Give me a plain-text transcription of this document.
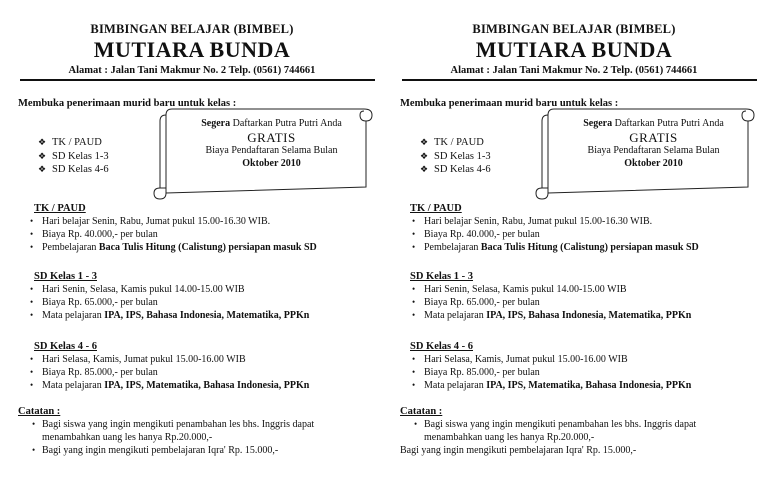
BIMBINGAN BELAJAR (BIMBEL)
MUTIARA BUNDA
Alamat : Jalan Tani Makmur No. 2 Telp. (0561) 744661
Membuka penerimaan murid baru untuk kelas :
Segera Daftarkan Putra Putri Anda
GRATIS
Biaya Pendaftaran Selama Bulan
Oktober 2010
❖ TK / PAUD
❖ SD Kelas 1-3
❖ SD Kelas 4-6
TK / PAUD
• Hari belajar Senin, Rabu, Jumat pukul 15.00-16.30 WIB.
• Biaya Rp. 40.000,- per bulan
• Pembelajaran Baca Tulis Hitung (Calistung) persiapan masuk SD
SD Kelas 1 - 3
• Hari Senin, Selasa, Kamis pukul 14.00-15.00 WIB
• Biaya Rp. 65.000,- per bulan
• Mata pelajaran IPA, IPS, Bahasa Indonesia, Matematika, PPKn
SD Kelas 4 - 6
• Hari Selasa, Kamis, Jumat pukul 15.00-16.00 WIB
• Biaya Rp. 85.000,- per bulan
• Mata pelajaran IPA, IPS, Matematika, Bahasa Indonesia, PPKn
Catatan :
• Bagi siswa yang ingin mengikuti penambahan les bhs. Inggris dapat
menambahkan uang les hanya Rp.20.000,-
• Bagi yang ingin mengikuti pembelajaran Iqra' Rp. 15.000,-
BIMBINGAN BELAJAR (BIMBEL)
MUTIARA BUNDA
Alamat : Jalan Tani Makmur No. 2 Telp. (0561) 744661
Membuka penerimaan murid baru untuk kelas :
Segera Daftarkan Putra Putri Anda
GRATIS
Biaya Pendaftaran Selama Bulan
Oktober 2010
❖ TK / PAUD
❖ SD Kelas 1-3
❖ SD Kelas 4-6
TK / PAUD
• Hari belajar Senin, Rabu, Jumat pukul 15.00-16.30 WIB.
• Biaya Rp. 40.000,- per bulan
• Pembelajaran Baca Tulis Hitung (Calistung) persiapan masuk SD
SD Kelas 1 - 3
• Hari Senin, Selasa, Kamis pukul 14.00-15.00 WIB
• Biaya Rp. 65.000,- per bulan
• Mata pelajaran IPA, IPS, Bahasa Indonesia, Matematika, PPKn
SD Kelas 4 - 6
• Hari Selasa, Kamis, Jumat pukul 15.00-16.00 WIB
• Biaya Rp. 85.000,- per bulan
• Mata pelajaran IPA, IPS, Matematika, Bahasa Indonesia, PPKn
Catatan :
• Bagi siswa yang ingin mengikuti penambahan les bhs. Inggris dapat
menambahkan uang les hanya Rp.20.000,-
Bagi yang ingin mengikuti pembelajaran Iqra' Rp. 15.000,-
